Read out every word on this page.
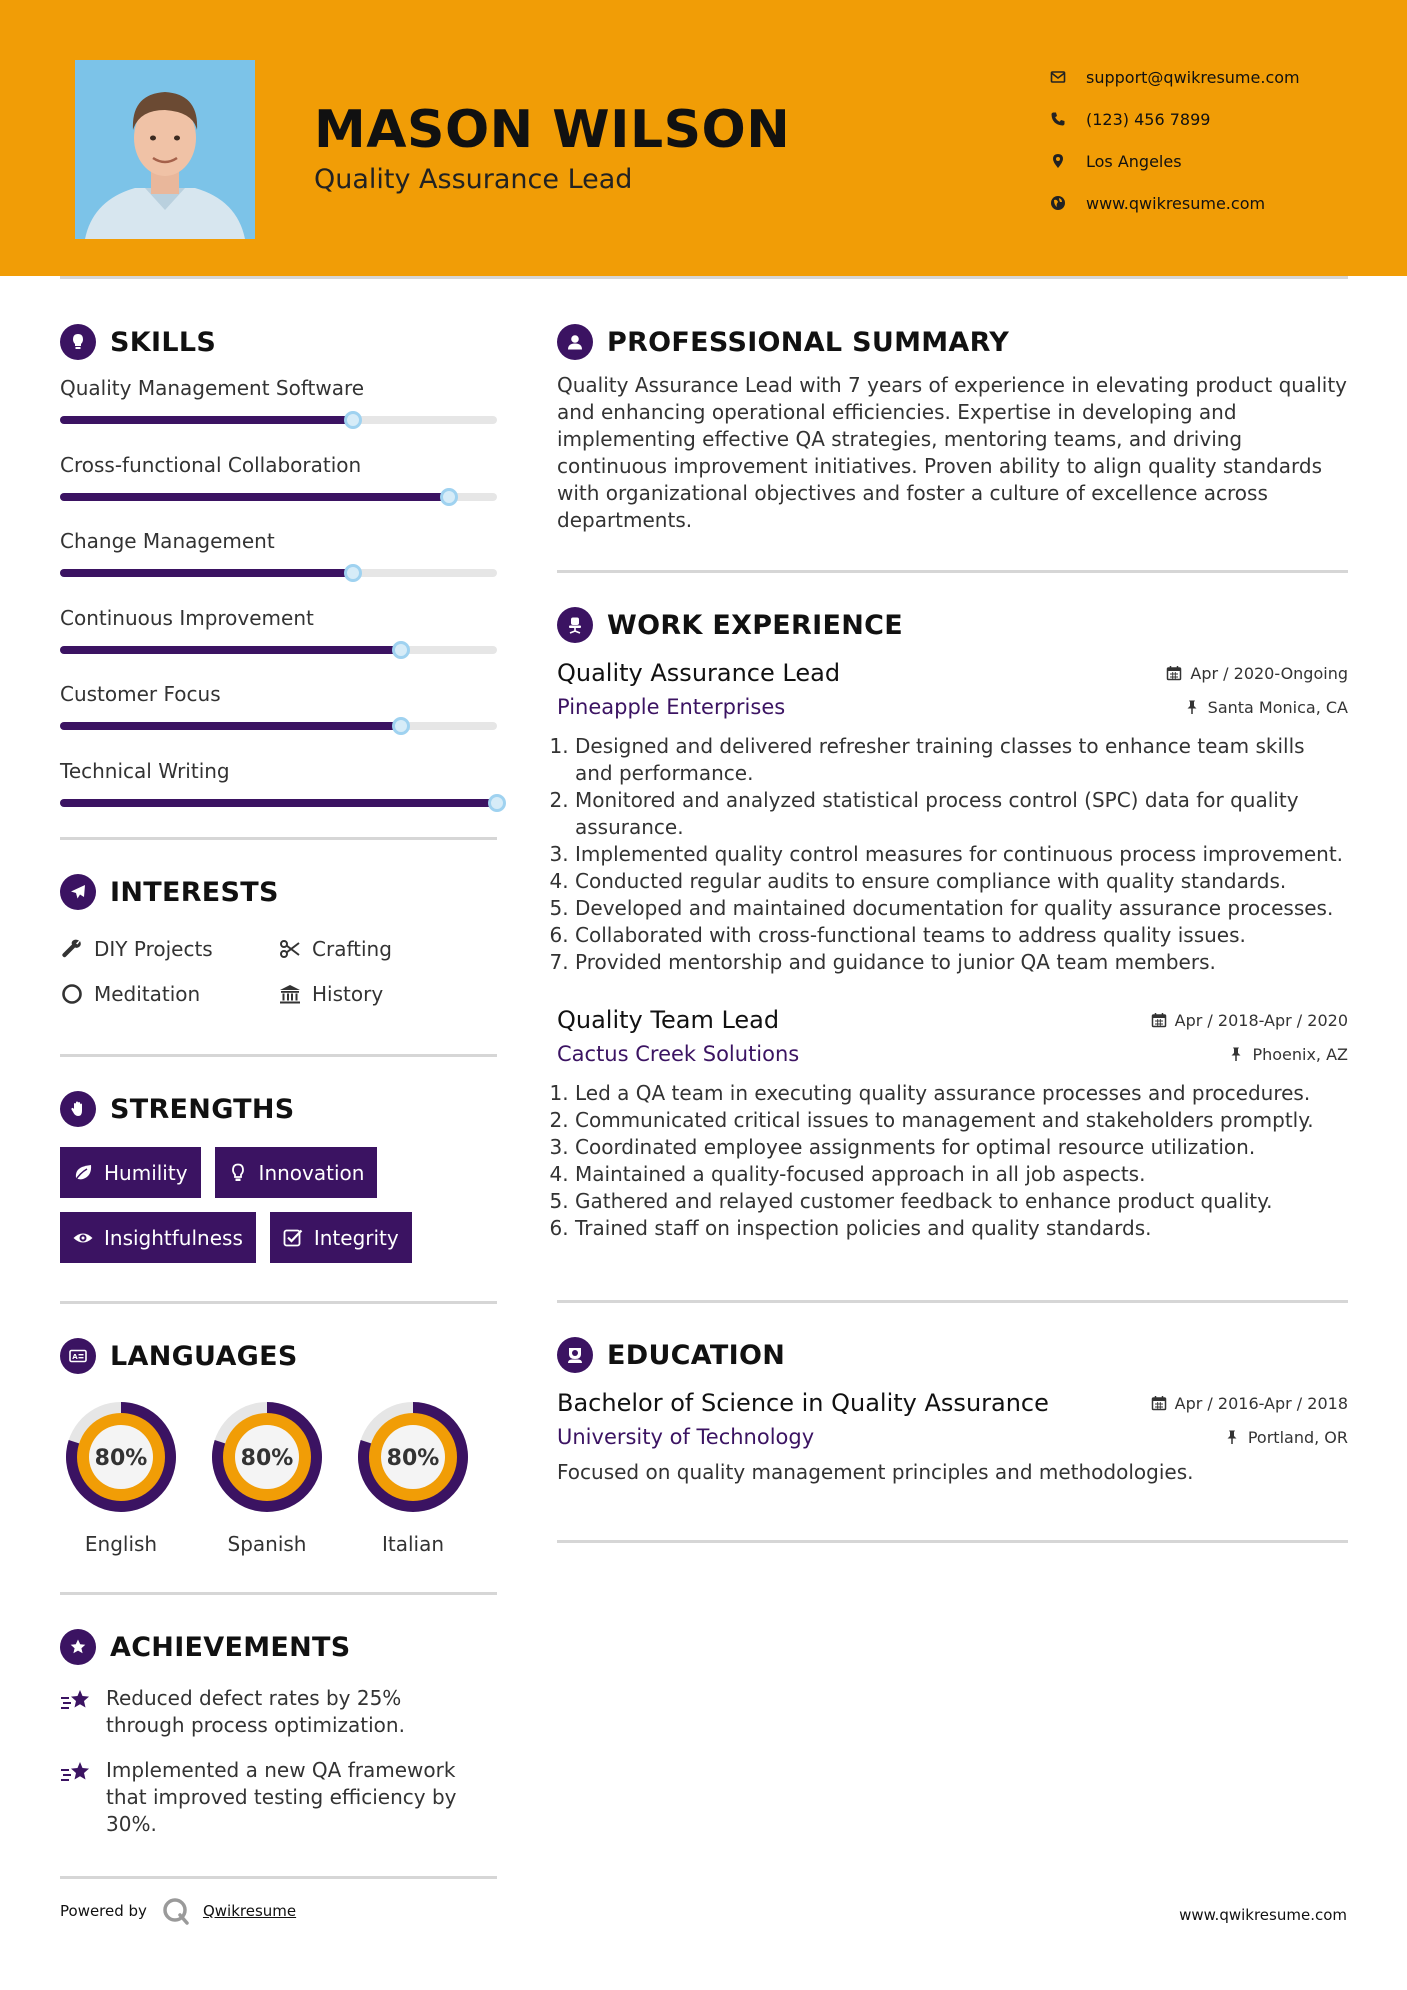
MASON WILSON
Quality Assurance Lead
support@qwikresume.com
(123) 456 7899
Los Angeles
www.qwikresume.com
SKILLS
Quality Management Software
Cross-functional Collaboration
Change Management
Continuous Improvement
Customer Focus
Technical Writing
INTERESTS
DIY Projects	Crafting
Meditation	History
STRENGTHS
Humility	Innovation
Insightfulness	Integrity
A LANGUAGES
80%
English
80%
Spanish
80%
Italian
ACHIEVEMENTS
Reduced defect rates by 25% through process optimization.
Implemented a new QA framework that improved testing efficiency by 30%.
PROFESSIONAL SUMMARY
Quality Assurance Lead with 7 years of experience in elevating product quality and enhancing operational efficiencies. Expertise in developing and implementing effective QA strategies, mentoring teams, and driving continuous improvement initiatives. Proven ability to align quality standards with organizational objectives and foster a culture of excellence across departments.
WORK EXPERIENCE
Quality Assurance Lead	Apr / 2020-Ongoing
Pineapple Enterprises	Santa Monica, CA
1. Designed and delivered refresher training classes to enhance team skills and performance.
2. Monitored and analyzed statistical process control (SPC) data for quality assurance.
3. Implemented quality control measures for continuous process improvement.
4. Conducted regular audits to ensure compliance with quality standards.
5. Developed and maintained documentation for quality assurance processes.
6. Collaborated with cross-functional teams to address quality issues.
7. Provided mentorship and guidance to junior QA team members.
Quality Team Lead	Apr / 2018-Apr / 2020
Cactus Creek Solutions	Phoenix, AZ
1. Led a QA team in executing quality assurance processes and procedures.
2. Communicated critical issues to management and stakeholders promptly.
3. Coordinated employee assignments for optimal resource utilization.
4. Maintained a quality-focused approach in all job aspects.
5. Gathered and relayed customer feedback to enhance product quality.
6. Trained staff on inspection policies and quality standards.
EDUCATION
Bachelor of Science in Quality Assurance	Apr / 2016-Apr / 2018
University of Technology	Portland, OR
Focused on quality management principles and methodologies.
Powered by	Qwikresume	www.qwikresume.com
